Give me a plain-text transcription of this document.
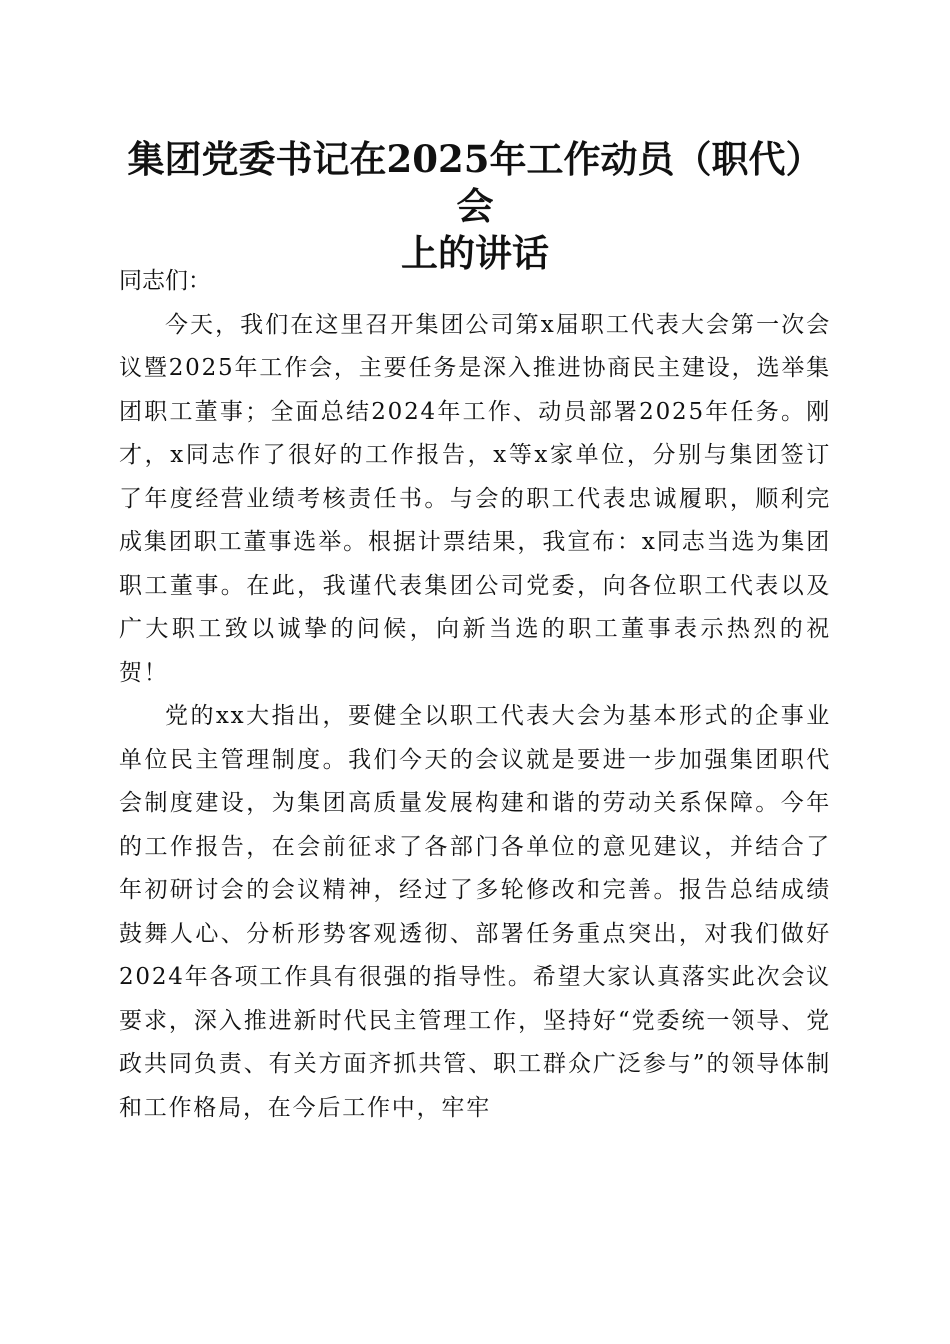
集团党委书记在2025年工作动员（职代）会
上的讲话

同志们：

今天，我们在这里召开集团公司第x届职工代表大会第一次会议暨2025年工作会，主要任务是深入推进协商民主建设，选举集团职工董事；全面总结2024年工作、动员部署2025年任务。刚才，x同志作了很好的工作报告，x等x家单位，分别与集团签订了年度经营业绩考核责任书。与会的职工代表忠诚履职，顺利完成集团职工董事选举。根据计票结果，我宣布：x同志当选为集团职工董事。在此，我谨代表集团公司党委，向各位职工代表以及广大职工致以诚挚的问候，向新当选的职工董事表示热烈的祝贺！

党的xx大指出，要健全以职工代表大会为基本形式的企事业单位民主管理制度。我们今天的会议就是要进一步加强集团职代会制度建设，为集团高质量发展构建和谐的劳动关系保障。今年的工作报告，在会前征求了各部门各单位的意见建议，并结合了年初研讨会的会议精神，经过了多轮修改和完善。报告总结成绩鼓舞人心、分析形势客观透彻、部署任务重点突出，对我们做好2024年各项工作具有很强的指导性。希望大家认真落实此次会议要求，深入推进新时代民主管理工作，坚持好“党委统一领导、党政共同负责、有关方面齐抓共管、职工群众广泛参与”的领导体制和工作格局，在今后工作中，牢牢
